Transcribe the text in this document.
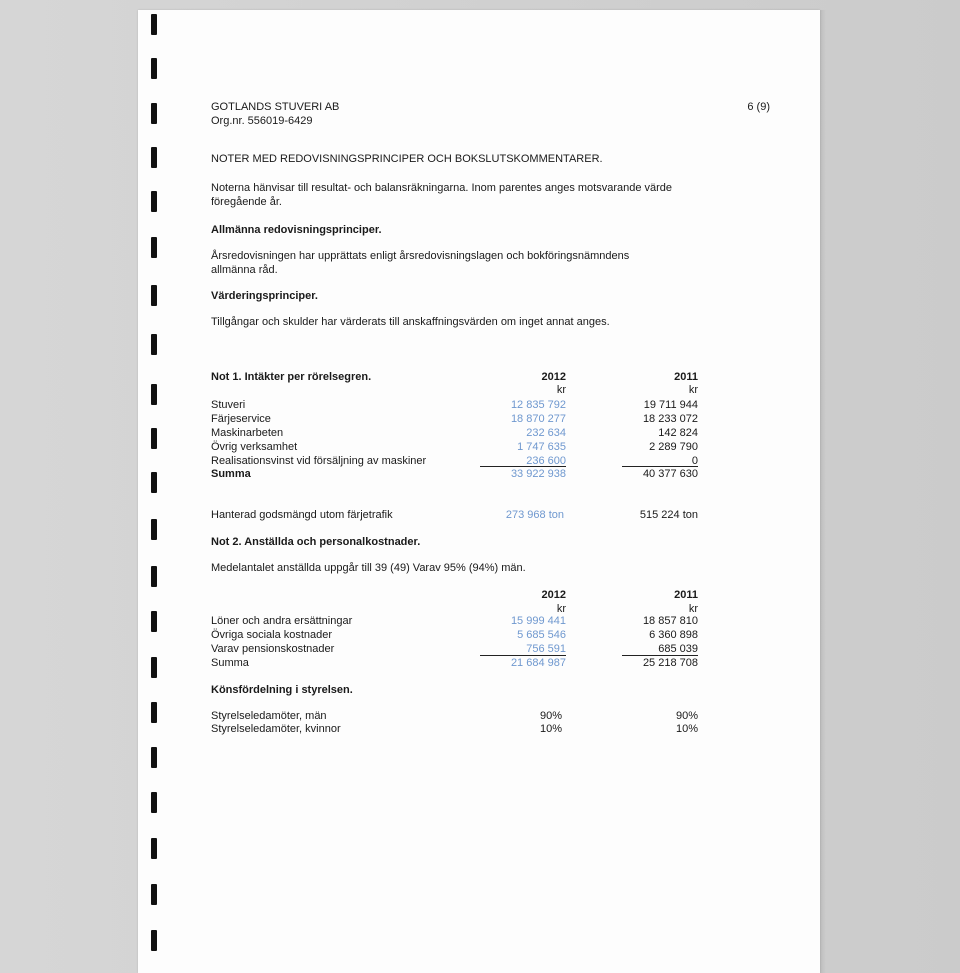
GOTLANDS STUVERI AB
Org.nr. 556019-6429
6 (9)
NOTER MED REDOVISNINGSPRINCIPER OCH BOKSLUTSKOMMENTARER.
Noterna hänvisar till resultat- och balansräkningarna. Inom parentes anges motsvarande värde
föregående år.
Allmänna redovisningsprinciper.
Årsredovisningen har upprättats enligt årsredovisningslagen och bokföringsnämndens
allmänna råd.
Värderingsprinciper.
Tillgångar och skulder har värderats till anskaffningsvärden om inget annat anges.
Not 1. Intäkter per rörelsegren.	2012	2011
kr	kr
Stuveri	12 835 792	19 711 944
Färjeservice	18 870 277	18 233 072
Maskinarbeten	232 634	142 824
Övrig verksamhet	1 747 635	2 289 790
Realisationsvinst vid försäljning av maskiner	236 600	0
Summa	33 922 938	40 377 630
Hanterad godsmängd utom färjetrafik	273 968 ton	515 224 ton
Not 2. Anställda och personalkostnader.
Medelantalet anställda uppgår till 39 (49) Varav 95% (94%) män.
2012	2011
kr	kr
Löner och andra ersättningar	15 999 441	18 857 810
Övriga sociala kostnader	5 685 546	6 360 898
Varav pensionskostnader	756 591	685 039
Summa	21 684 987	25 218 708
Könsfördelning i styrelsen.
Styrelseledamöter, män	90%	90%
Styrelseledamöter, kvinnor	10%	10%
